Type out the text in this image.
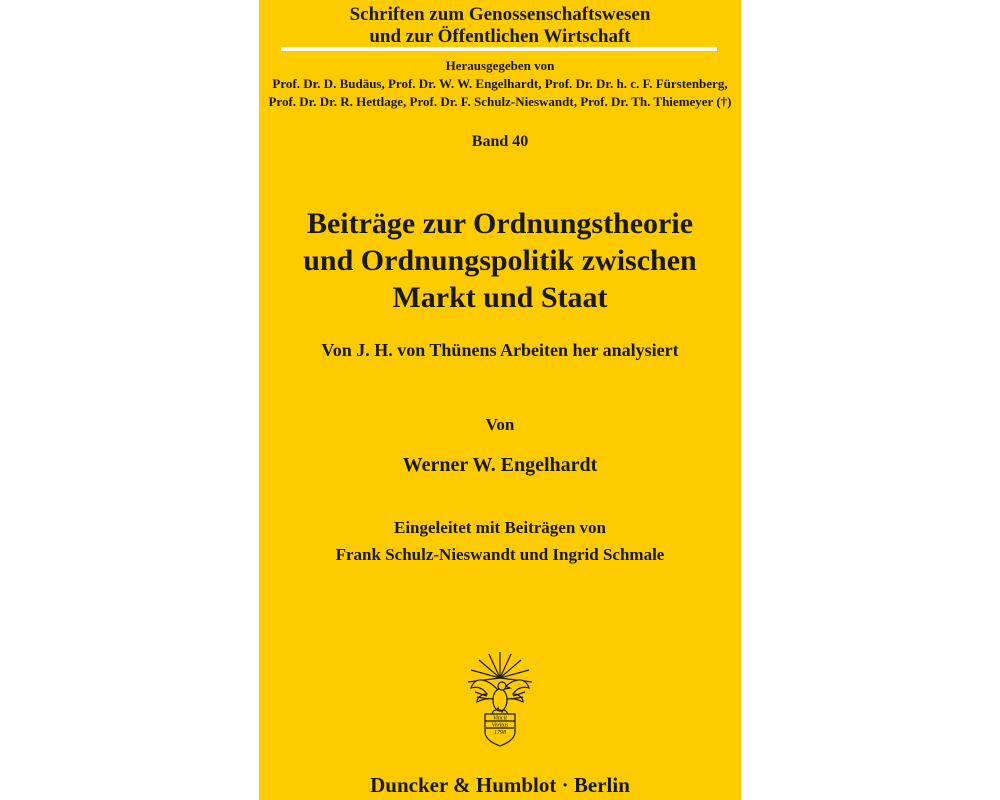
Schriften zum Genossenschaftswesen
und zur Öffentlichen Wirtschaft
Herausgegeben von
Prof. Dr. D. Budäus, Prof. Dr. W. W. Engelhardt, Prof. Dr. Dr. h. c. F. Fürstenberg,
Prof. Dr. Dr. R. Hettlage, Prof. Dr. F. Schulz-Nieswandt, Prof. Dr. Th. Thiemeyer (†)
Band 40
Beiträge zur Ordnungstheorie
und Ordnungspolitik zwischen
Markt und Staat
Von J. H. von Thünens Arbeiten her analysiert
Von
Werner W. Engelhardt
Eingeleitet mit Beiträgen von
Frank Schulz-Nieswandt und Ingrid Schmale
Vincit
Veritas
1798
Duncker & Humblot · Berlin
